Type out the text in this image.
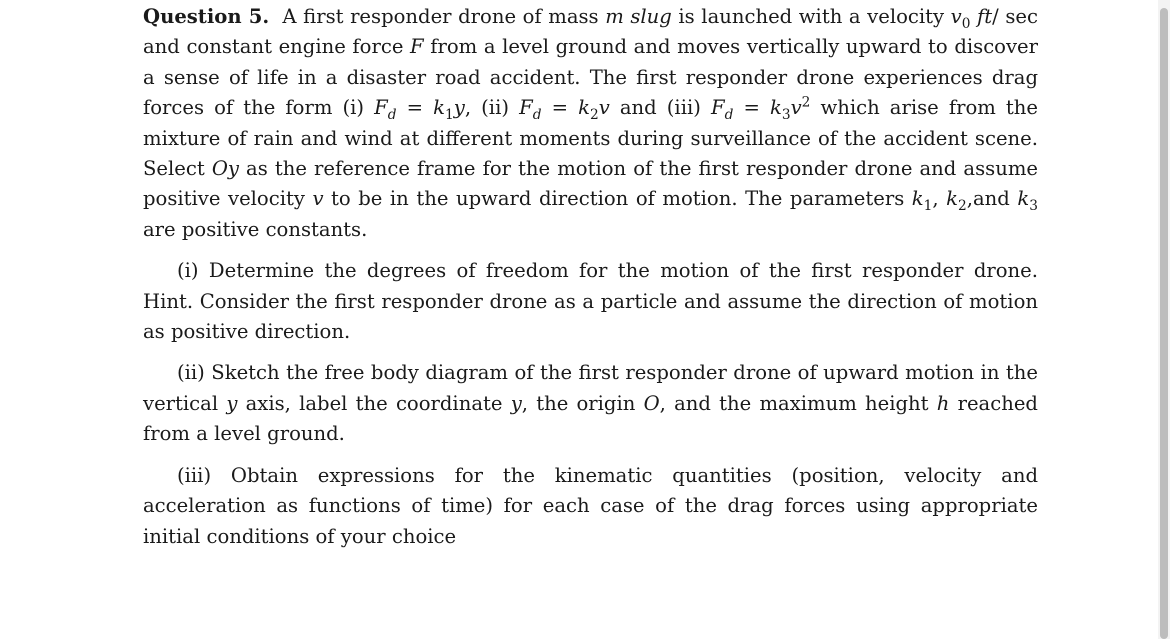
Question 5. A first responder drone of mass m slug is launched with a velocity $v_0$ ft/ sec and constant engine force F from a level ground and moves vertically upward to discover a sense of life in a disaster road accident. The first responder drone experiences drag forces of the form (i) $F_d = k_1y$, (ii) $F_d = k_2v$ and (iii) $F_d = k_3v^2$ which arise from the mixture of rain and wind at different moments during surveillance of the accident scene. Select Oy as the reference frame for the motion of the first responder drone and assume positive velocity v to be in the upward direction of motion. The parameters $k_1$, $k_2,and$ $k_3$ are positive constants.

(i) Determine the degrees of freedom for the motion of the first responder drone. Hint. Consider the first responder drone as a particle and assume the direction of motion as positive direction.

(ii) Sketch the free body diagram of the first responder drone of upward motion in the vertical y axis, label the coordinate y, the origin O, and the maximum height h reached from a level ground.

(iii) Obtain expressions for the kinematic quantities (position, velocity and acceleration as functions of time) for each case of the drag forces using appropriate initial conditions of your choice
